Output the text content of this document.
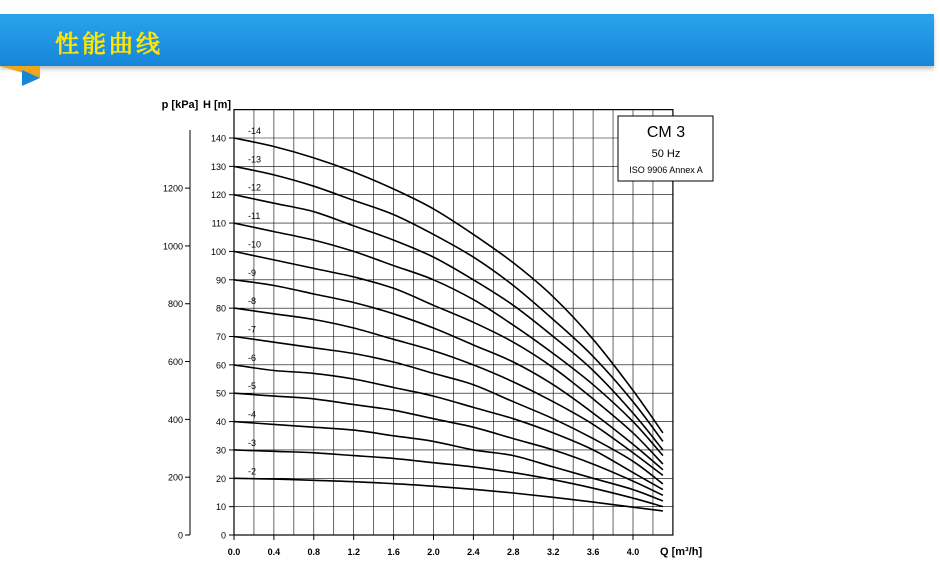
性能曲线
0
10
20
30
40
50
60
70
80
90
100
110
120
130
140
0
200
400
600
800
1000
1200
0.0	0.4	0.8	1.2	1.6	2.0	2.4	2.8	3.2	3.6	4.0
-14
-13
-12
-11
-10
-9
-8
-7
-6
-5
-4
-3
-2
p [kPa] H [m]
Q [m³/h]
CM 3
50 Hz
ISO 9906 Annex A
